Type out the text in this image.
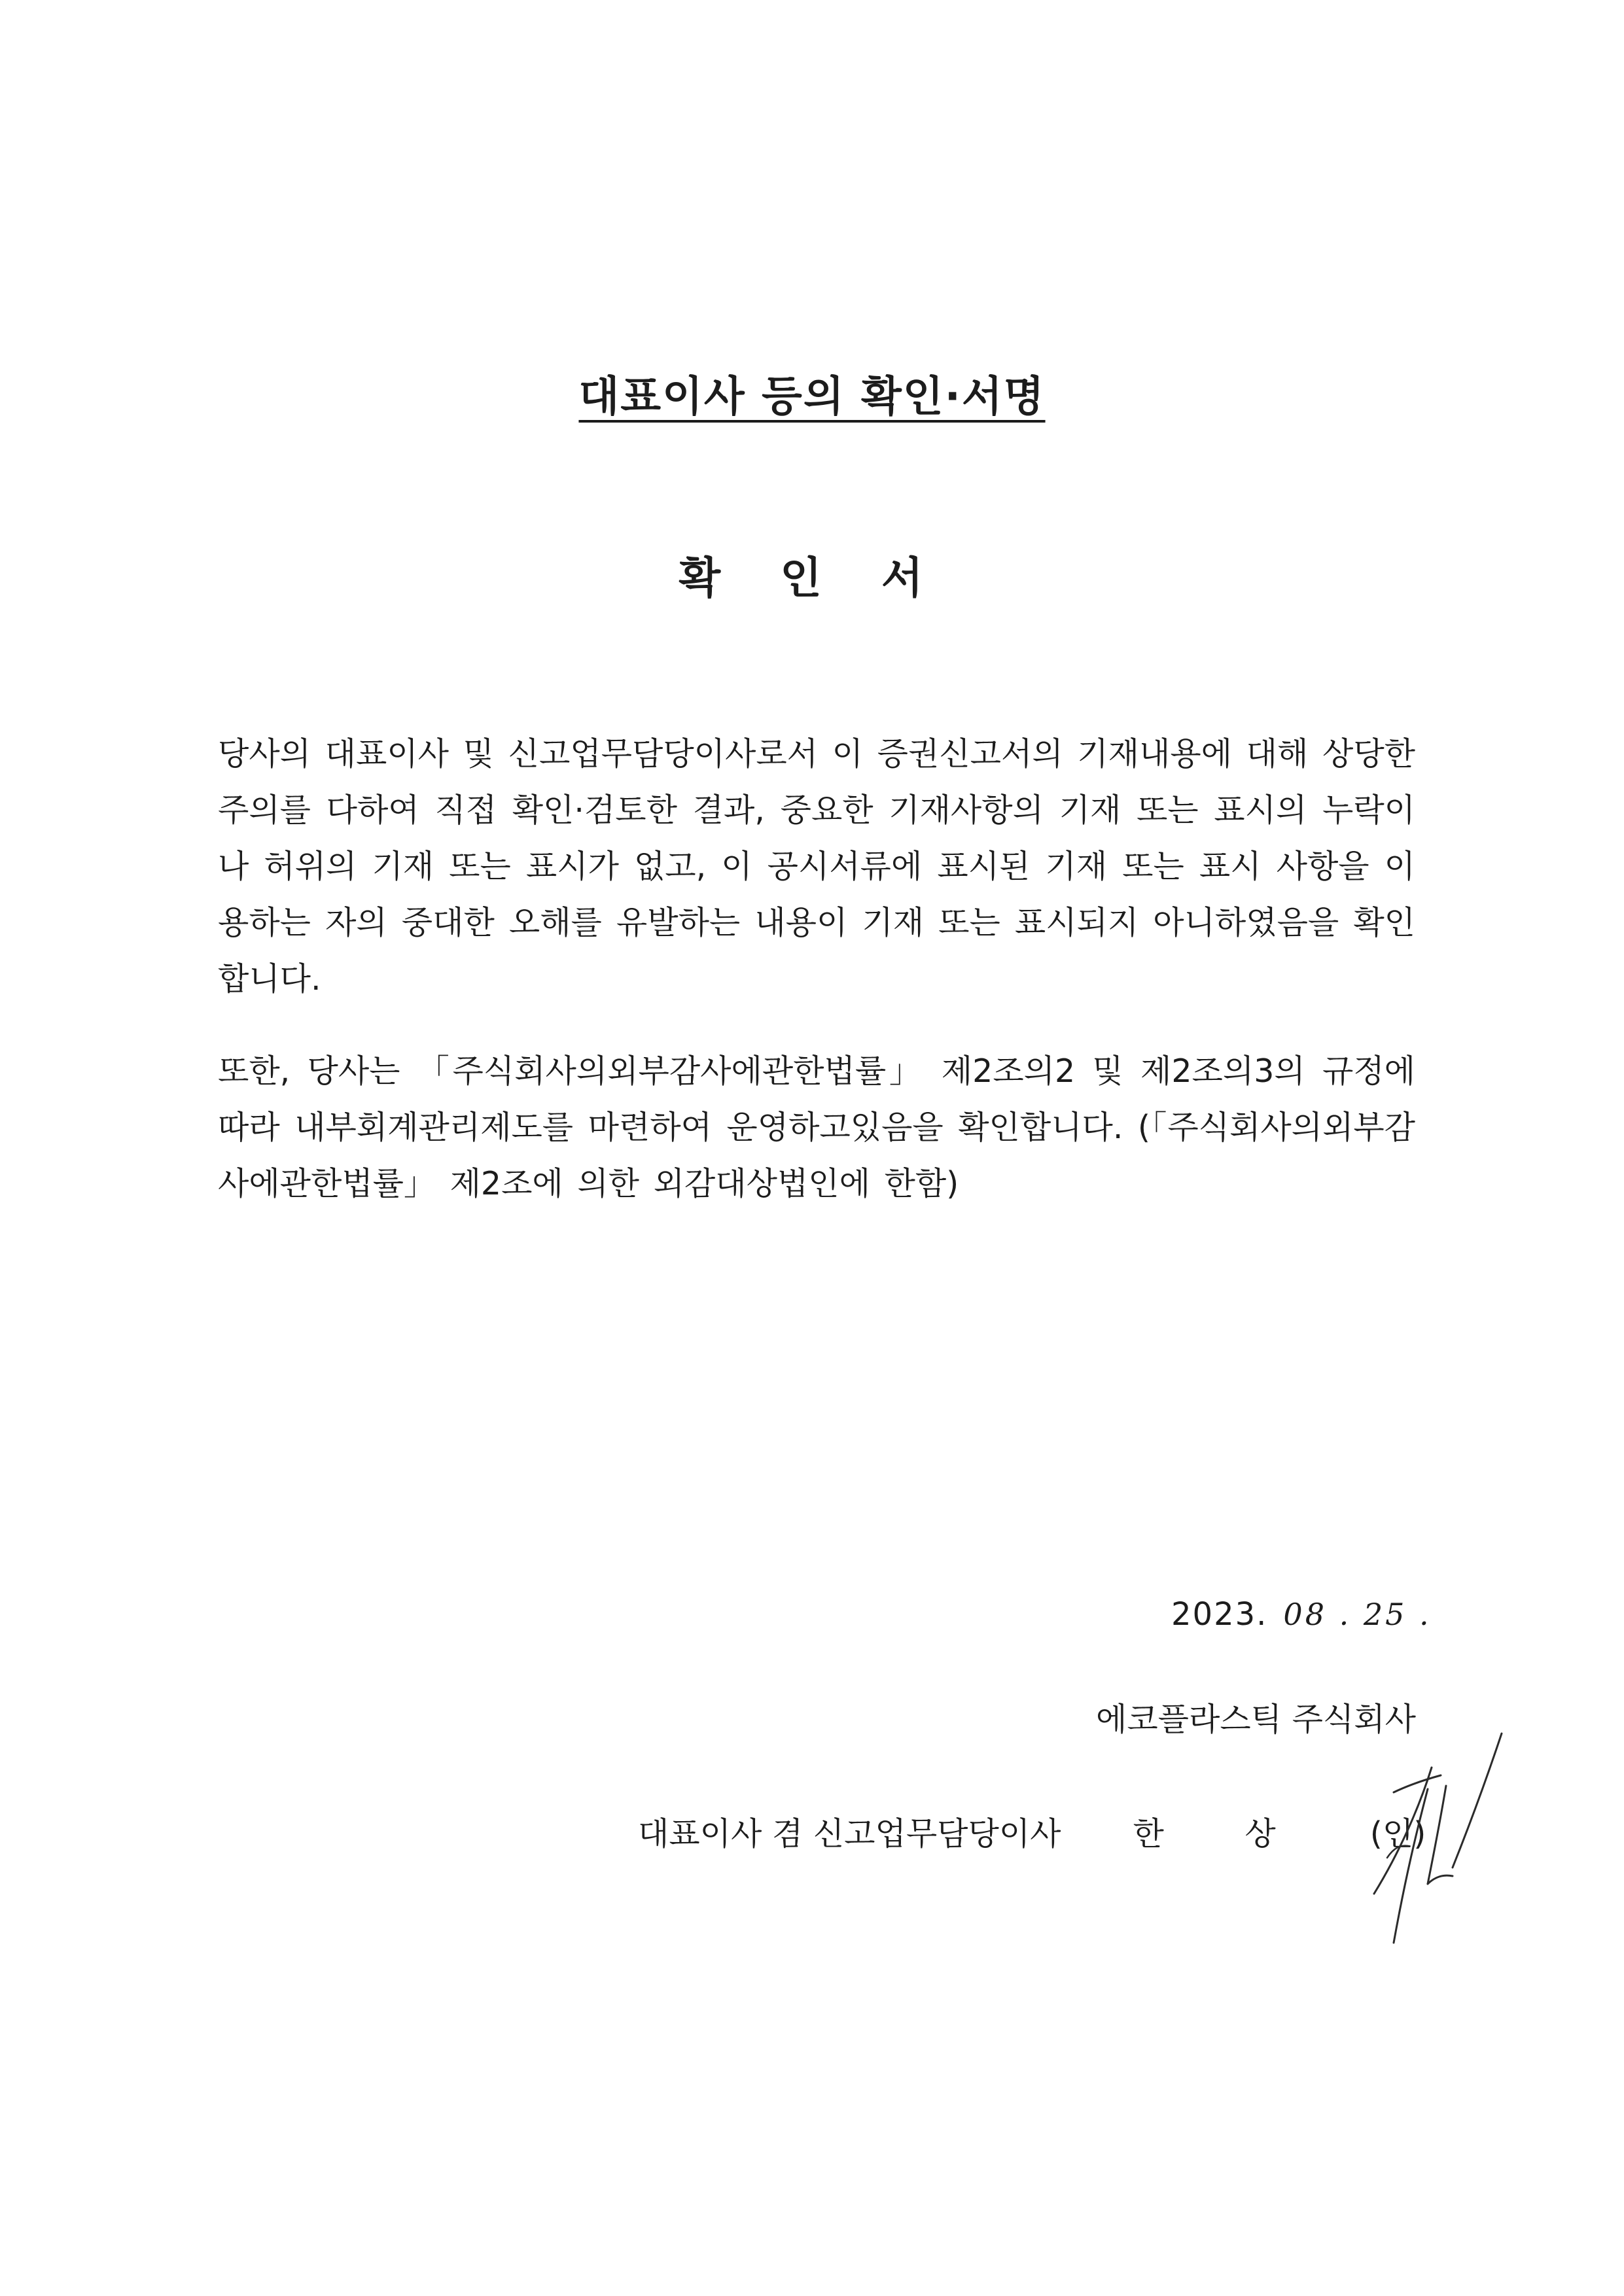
대표이사 등의 확인·서명
확 인 서

당사의 대표이사 및 신고업무담당이사로서 이 증권신고서의 기재내용에 대해 상당한 주의를 다하여 직접 확인·검토한 결과, 중요한 기재사항의 기재 또는 표시의 누락이나 허위의 기재 또는 표시가 없고, 이 공시서류에 표시된 기재 또는 표시 사항을 이용하는 자의 중대한 오해를 유발하는 내용이 기재 또는 표시되지 아니하였음을 확인합니다.

또한, 당사는 「주식회사의외부감사에관한법률」 제2조의2 및 제2조의3의 규정에 따라 내부회계관리제도를 마련하여 운영하고있음을 확인합니다. (「주식회사의외부감사에관한법률」 제2조에 의한 외감대상법인에 한함)

2023. 08 . 25 .
에코플라스틱 주식회사
대표이사 겸 신고업무담당이사 한 상 (인)
